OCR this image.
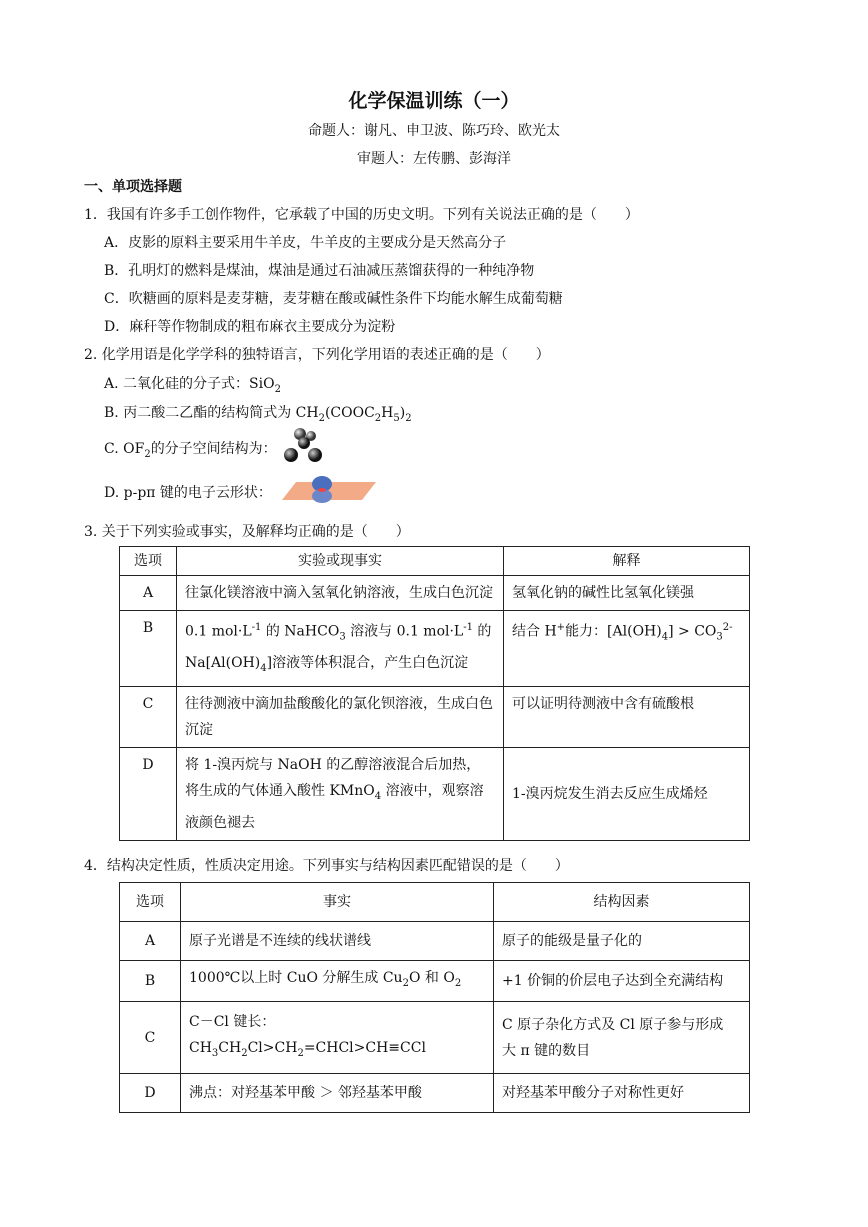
化学保温训练（一）
命题人：谢凡、申卫波、陈巧玲、欧光太
审题人：左传鹏、彭海洋
一、单项选择题
1．我国有许多手工创作物件，它承载了中国的历史文明。下列有关说法正确的是（　　）
A．皮影的原料主要采用牛羊皮，牛羊皮的主要成分是天然高分子
B．孔明灯的燃料是煤油，煤油是通过石油减压蒸馏获得的一种纯净物
C．吹糖画的原料是麦芽糖，麦芽糖在酸或碱性条件下均能水解生成葡萄糖
D．麻秆等作物制成的粗布麻衣主要成分为淀粉
2. 化学用语是化学学科的独特语言，下列化学用语的表述正确的是（　　）
A. 二氧化硅的分子式：SiO$_2$
B. 丙二酸二乙酯的结构简式为 $CH_2(COOC_2H_5)_2$
C. $OF_2$的分子空间结构为：
D. p-pπ 键的电子云形状：
3. 关于下列实验或事实，及解释均正确的是（　　）
选项	实验或现事实	解释
A	往氯化镁溶液中滴入氢氧化钠溶液，生成白色沉淀	氢氧化钠的碱性比氢氧化镁强
B	0.1 $mol\cdot L^{-1}$ 的 NaHCO$_3$ 溶液与 0.1 $mol\cdot L^{-1}$ 的
$Na[Al(OH)_4]$溶液等体积混合，产生白色沉淀	结合 H+能力：$[Al(OH)_4] > CO_3^{2-}$
C	往待测液中滴加盐酸酸化的氯化钡溶液，生成白色沉淀	可以证明待测液中含有硫酸根
D	将 1-溴丙烷与 NaOH 的乙醇溶液混合后加热，
将生成的气体通入酸性 KMnO$_4$ 溶液中，观察溶
液颜色褪去	1-溴丙烷发生消去反应生成烯烃
4．结构决定性质，性质决定用途。下列事实与结构因素匹配错误的是（　　）
选项	事实	结构因素
A	原子光谱是不连续的线状谱线	原子的能级是量子化的
B	1000℃以上时 CuO 分解生成 $Cu_2O$ 和 $O_2$	+1 价铜的价层电子达到全充满结构
C	C－Cl 键长：
$CH_3CH_2Cl>CH_2=CHCl>CH\equiv CCl$	C 原子杂化方式及 Cl 原子参与形成
大 π 键的数目
D	沸点：对羟基苯甲酸 ＞ 邻羟基苯甲酸	对羟基苯甲酸分子对称性更好
